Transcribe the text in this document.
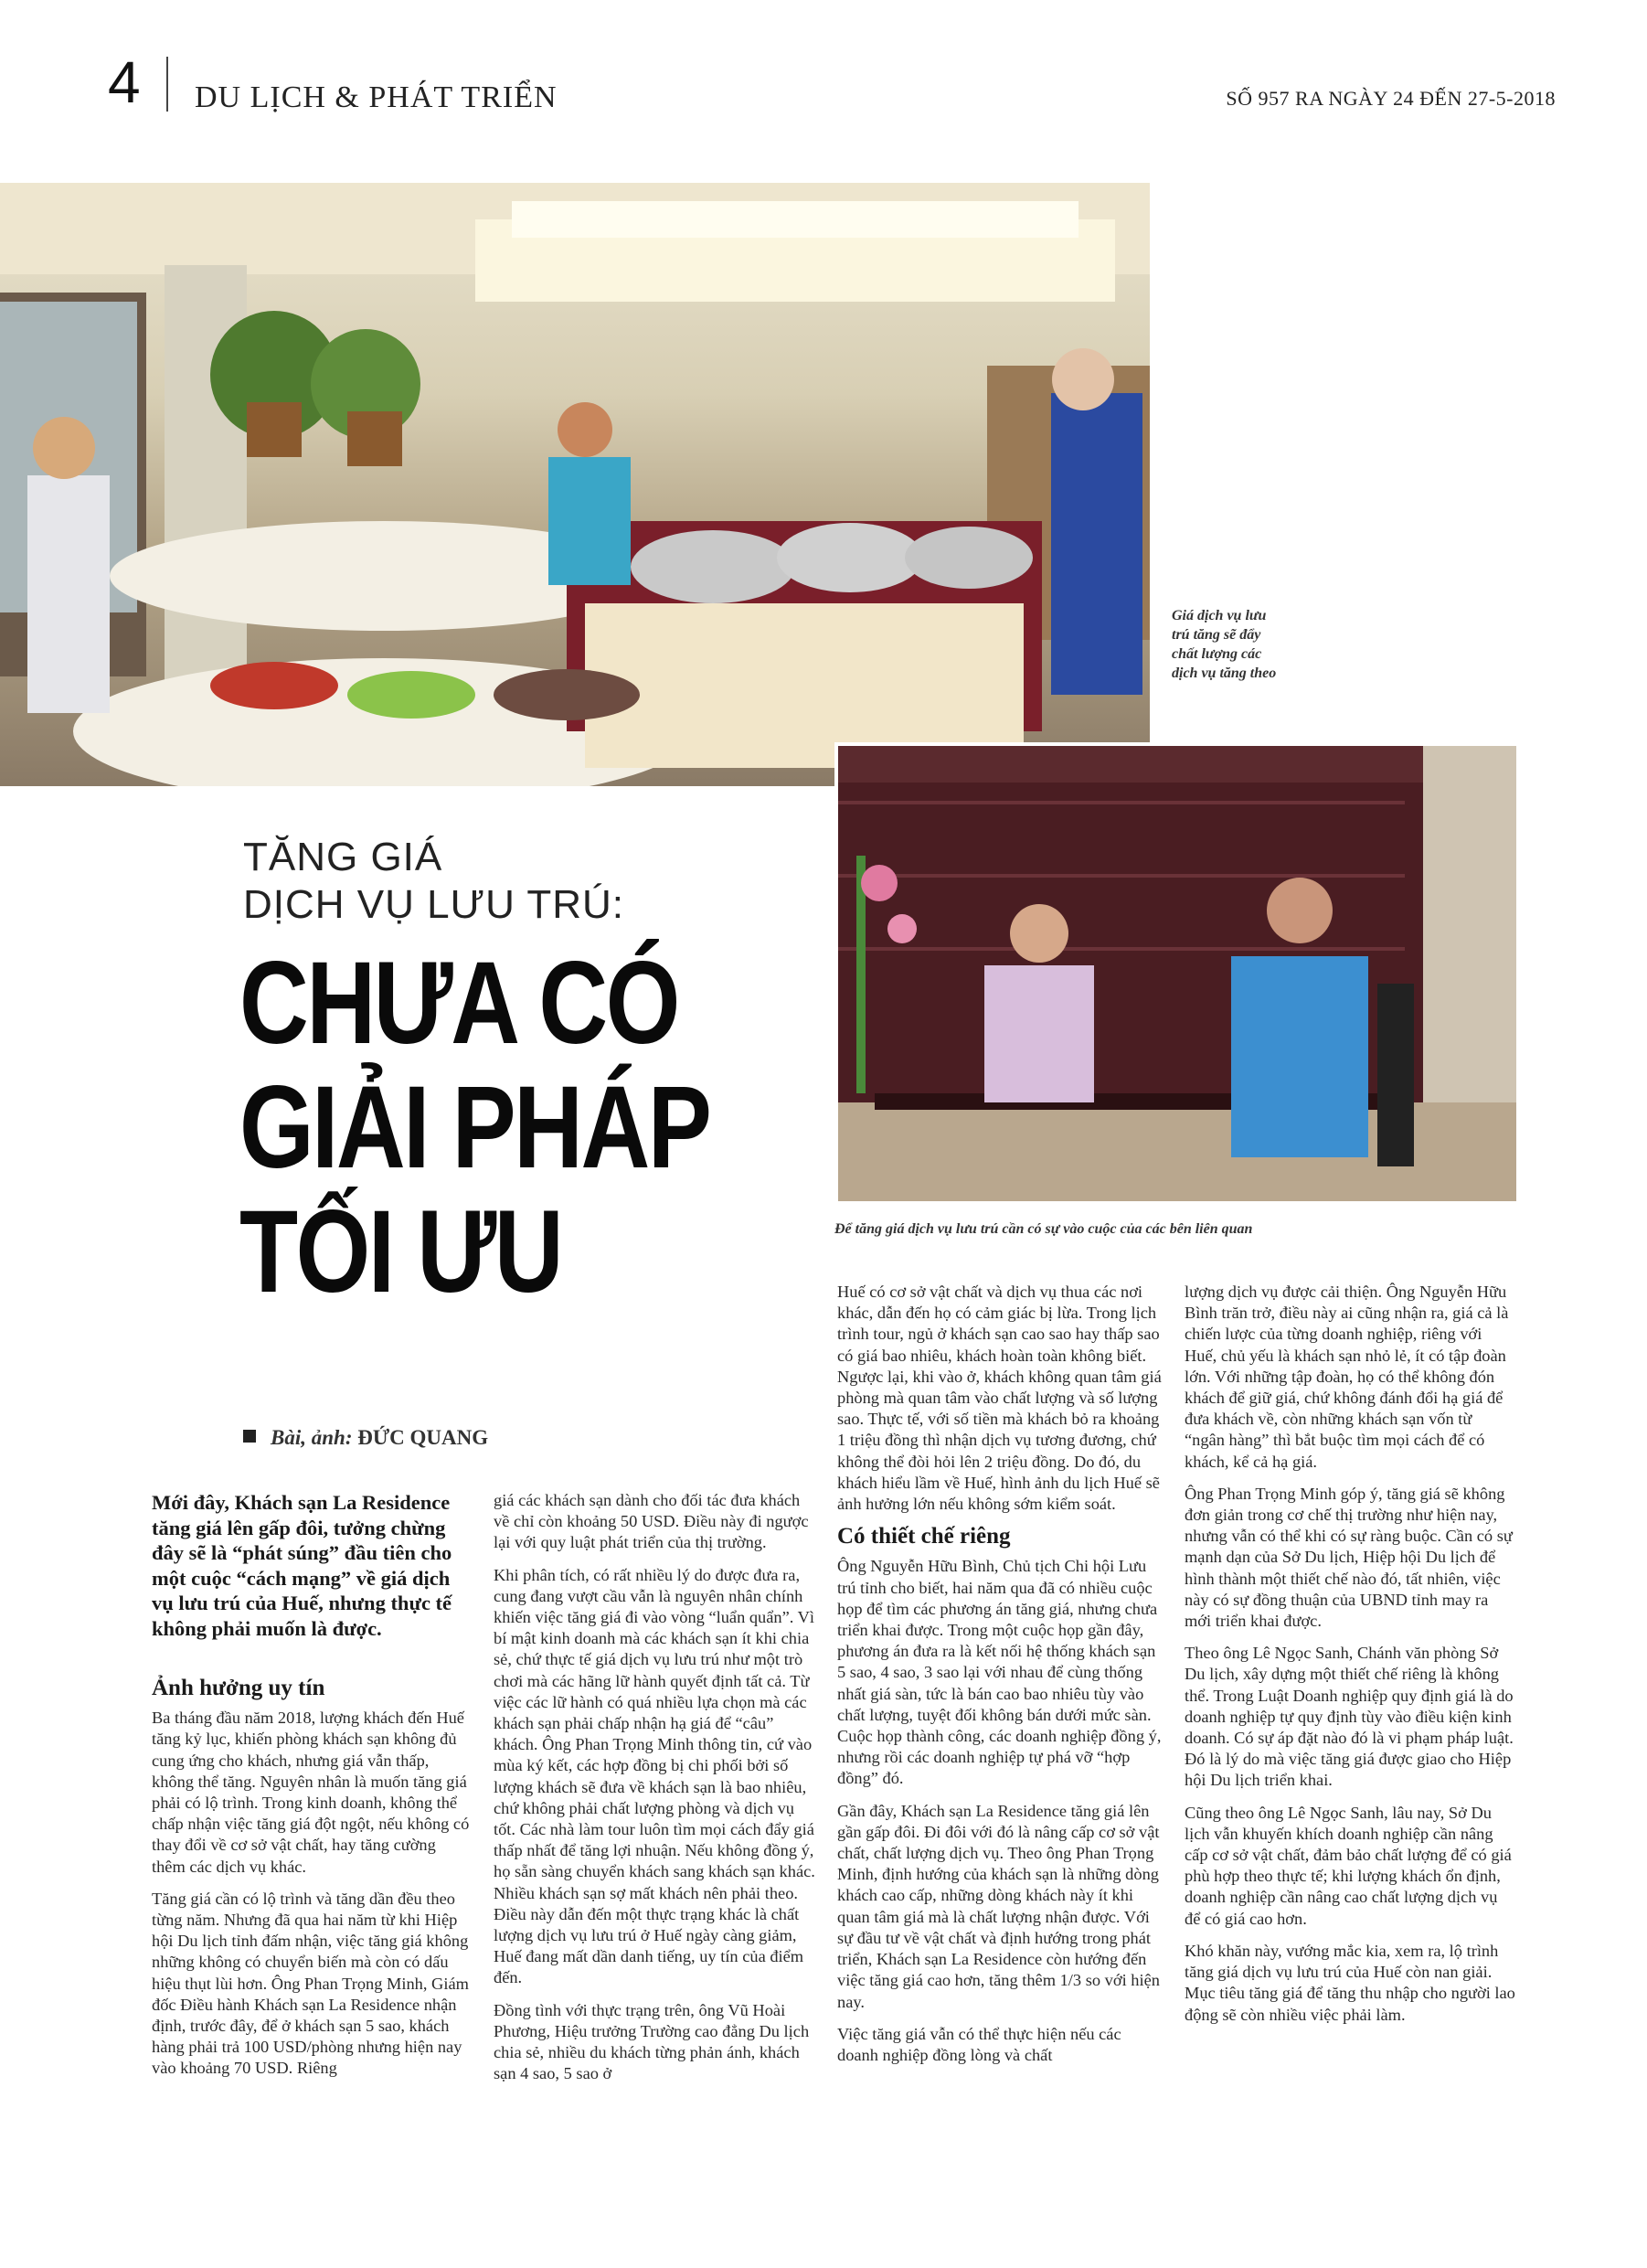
4 DU LỊCH & PHÁT TRIỂN	SỐ 957 RA NGÀY 24 ĐẾN 27-5-2018
Giá dịch vụ lưu trú tăng sẽ đẩy chất lượng các dịch vụ tăng theo
Để tăng giá dịch vụ lưu trú cần có sự vào cuộc của các bên liên quan
TĂNG GIÁ
DỊCH VỤ LƯU TRÚ:
CHƯA CÓ
GIẢI PHÁP
TỐI ƯU
Bài, ảnh: ĐỨC QUANG

Mới đây, Khách sạn La Residence tăng giá lên gấp đôi, tưởng chừng đây sẽ là “phát súng” đầu tiên cho một cuộc “cách mạng” về giá dịch vụ lưu trú của Huế, nhưng thực tế không phải muốn là được.

Ảnh hưởng uy tín

Ba tháng đầu năm 2018, lượng khách đến Huế tăng kỷ lục, khiến phòng khách sạn không đủ cung ứng cho khách, nhưng giá vẫn thấp, không thể tăng. Nguyên nhân là muốn tăng giá phải có lộ trình. Trong kinh doanh, không thể chấp nhận việc tăng giá đột ngột, nếu không có thay đổi về cơ sở vật chất, hay tăng cường thêm các dịch vụ khác.

Tăng giá cần có lộ trình và tăng dần đều theo từng năm. Nhưng đã qua hai năm từ khi Hiệp hội Du lịch tỉnh đấm nhận, việc tăng giá không những không có chuyển biến mà còn có dấu hiệu thụt lùi hơn. Ông Phan Trọng Minh, Giám đốc Điều hành Khách sạn La Residence nhận định, trước đây, để ở khách sạn 5 sao, khách hàng phải trả 100 USD/phòng nhưng hiện nay vào khoảng 70 USD. Riêng

giá các khách sạn dành cho đối tác đưa khách về chỉ còn khoảng 50 USD. Điều này đi ngược lại với quy luật phát triển của thị trường.

Khi phân tích, có rất nhiều lý do được đưa ra, cung đang vượt cầu vẫn là nguyên nhân chính khiến việc tăng giá đi vào vòng “luẩn quẩn”. Vì bí mật kinh doanh mà các khách sạn ít khi chia sẻ, chứ thực tế giá dịch vụ lưu trú như một trò chơi mà các hãng lữ hành quyết định tất cả. Từ việc các lữ hành có quá nhiều lựa chọn mà các khách sạn phải chấp nhận hạ giá để “câu” khách. Ông Phan Trọng Minh thông tin, cứ vào mùa ký kết, các hợp đồng bị chi phối bởi số lượng khách sẽ đưa về khách sạn là bao nhiêu, chứ không phải chất lượng phòng và dịch vụ tốt. Các nhà làm tour luôn tìm mọi cách đẩy giá thấp nhất để tăng lợi nhuận. Nếu không đồng ý, họ sẵn sàng chuyển khách sang khách sạn khác. Nhiều khách sạn sợ mất khách nên phải theo. Điều này dẫn đến một thực trạng khác là chất lượng dịch vụ lưu trú ở Huế ngày càng giảm, Huế đang mất dần danh tiếng, uy tín của điểm đến.

Đồng tình với thực trạng trên, ông Vũ Hoài Phương, Hiệu trưởng Trường cao đẳng Du lịch chia sẻ, nhiều du khách từng phản ánh, khách sạn 4 sao, 5 sao ở

Huế có cơ sở vật chất và dịch vụ thua các nơi khác, dẫn đến họ có cảm giác bị lừa. Trong lịch trình tour, ngủ ở khách sạn cao sao hay thấp sao có giá bao nhiêu, khách hoàn toàn không biết. Ngược lại, khi vào ở, khách không quan tâm giá phòng mà quan tâm vào chất lượng và số lượng sao. Thực tế, với số tiền mà khách bỏ ra khoảng 1 triệu đồng thì nhận dịch vụ tương đương, chứ không thể đòi hỏi lên 2 triệu đồng. Do đó, du khách hiểu lầm về Huế, hình ảnh du lịch Huế sẽ ảnh hưởng lớn nếu không sớm kiểm soát.

Có thiết chế riêng

Ông Nguyễn Hữu Bình, Chủ tịch Chi hội Lưu trú tỉnh cho biết, hai năm qua đã có nhiều cuộc họp để tìm các phương án tăng giá, nhưng chưa triển khai được. Trong một cuộc họp gần đây, phương án đưa ra là kết nối hệ thống khách sạn 5 sao, 4 sao, 3 sao lại với nhau để cùng thống nhất giá sàn, tức là bán cao bao nhiêu tùy vào chất lượng, tuyệt đối không bán dưới mức sàn. Cuộc họp thành công, các doanh nghiệp đồng ý, nhưng rồi các doanh nghiệp tự phá vỡ “hợp đồng” đó.

Gần đây, Khách sạn La Residence tăng giá lên gần gấp đôi. Đi đôi với đó là nâng cấp cơ sở vật chất, chất lượng dịch vụ. Theo ông Phan Trọng Minh, định hướng của khách sạn là những dòng khách cao cấp, những dòng khách này ít khi quan tâm giá mà là chất lượng nhận được. Với sự đầu tư về vật chất và định hướng trong phát triển, Khách sạn La Residence còn hướng đến việc tăng giá cao hơn, tăng thêm 1/3 so với hiện nay.

Việc tăng giá vẫn có thể thực hiện nếu các doanh nghiệp đồng lòng và chất

lượng dịch vụ được cải thiện. Ông Nguyễn Hữu Bình trăn trở, điều này ai cũng nhận ra, giá cả là chiến lược của từng doanh nghiệp, riêng với Huế, chủ yếu là khách sạn nhỏ lẻ, ít có tập đoàn lớn. Với những tập đoàn, họ có thể không đón khách để giữ giá, chứ không đánh đổi hạ giá để đưa khách về, còn những khách sạn vốn từ “ngân hàng” thì bắt buộc tìm mọi cách để có khách, kể cả hạ giá.

Ông Phan Trọng Minh góp ý, tăng giá sẽ không đơn giản trong cơ chế thị trường như hiện nay, nhưng vẫn có thể khi có sự ràng buộc. Cần có sự mạnh dạn của Sở Du lịch, Hiệp hội Du lịch để hình thành một thiết chế nào đó, tất nhiên, việc này có sự đồng thuận của UBND tỉnh may ra mới triển khai được.

Theo ông Lê Ngọc Sanh, Chánh văn phòng Sở Du lịch, xây dựng một thiết chế riêng là không thể. Trong Luật Doanh nghiệp quy định giá là do doanh nghiệp tự quy định tùy vào điều kiện kinh doanh. Có sự áp đặt nào đó là vi phạm pháp luật. Đó là lý do mà việc tăng giá được giao cho Hiệp hội Du lịch triển khai.

Cũng theo ông Lê Ngọc Sanh, lâu nay, Sở Du lịch vẫn khuyến khích doanh nghiệp cần nâng cấp cơ sở vật chất, đảm bảo chất lượng để có giá phù hợp theo thực tế; khi lượng khách ổn định, doanh nghiệp cần nâng cao chất lượng dịch vụ để có giá cao hơn.

Khó khăn này, vướng mắc kia, xem ra, lộ trình tăng giá dịch vụ lưu trú của Huế còn nan giải. Mục tiêu tăng giá để tăng thu nhập cho người lao động sẽ còn nhiều việc phải làm.
